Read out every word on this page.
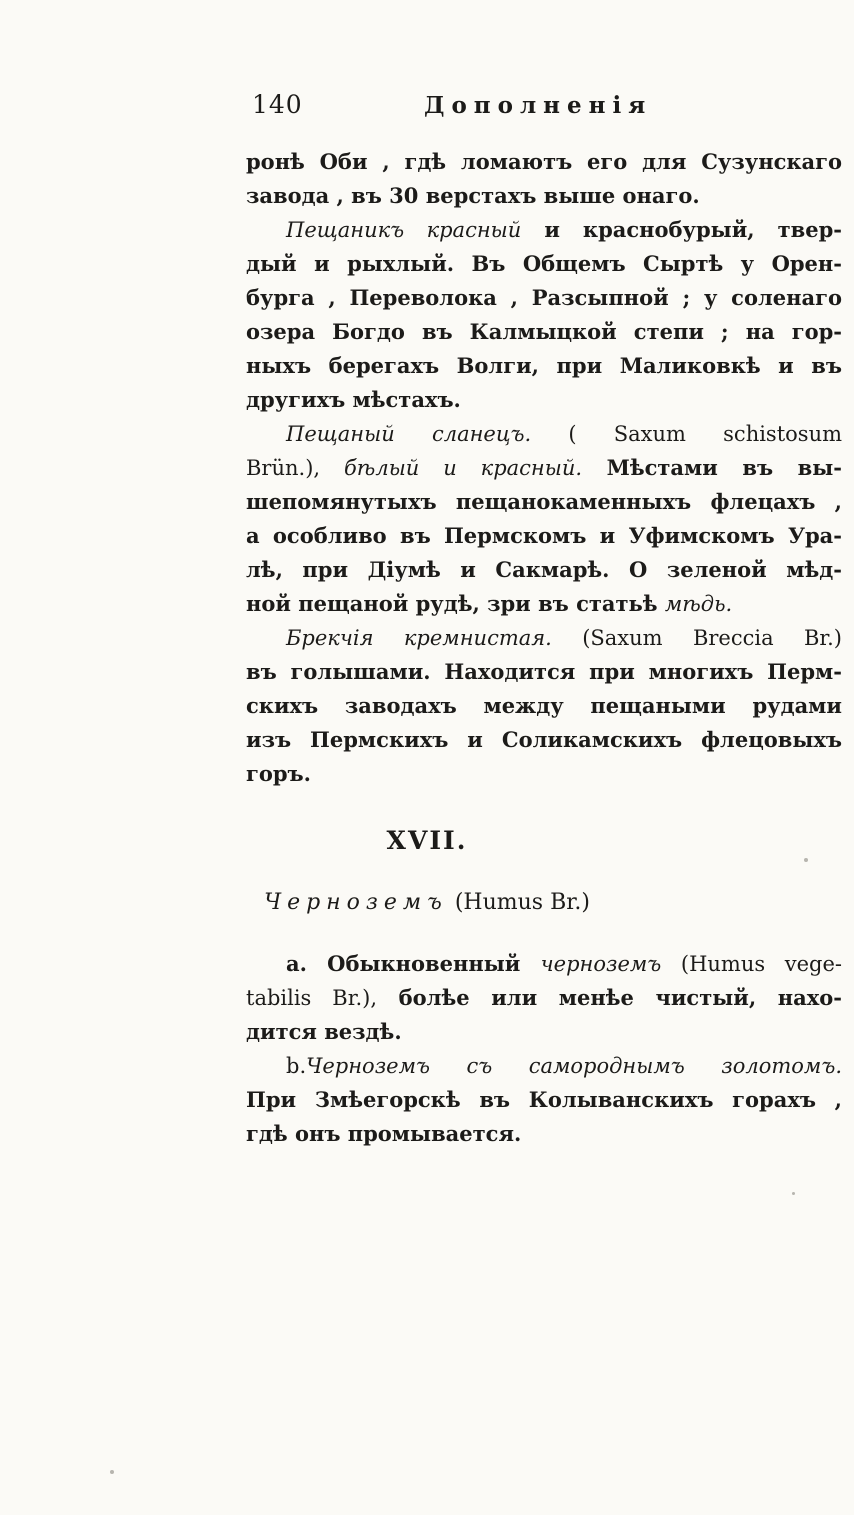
140	Дополненія
ронѣ Оби , гдѣ ломаютъ его для Сузунскаго
завода , въ 30 верстахъ выше онаго.
Пещаникъ красный и краснобурый, твер-
дый и рыхлый. Въ Общемъ Сыртѣ у Орен-
бурга , Переволока , Разсыпной ; у соленаго
озера Богдо въ Калмыцкой степи ; на гор-
ныхъ берегахъ Волги, при Маликовкѣ и въ
другихъ мѣстахъ.
Пещаный сланецъ. ( Saxum schistosum
Brün.), бѣлый и красный. Мѣстами въ вы-
шепомянутыхъ пещанокаменныхъ флецахъ ,
а особливо въ Пермскомъ и Уфимскомъ Ура-
лѣ, при Діумѣ и Сакмарѣ. О зеленой мѣд-
ной пещаной рудѣ, зри въ статьѣ мѣдь.
Брекчія кремнистая. (Saxum Breccia Br.)
въ голышами. Находится при многихъ Перм-
скихъ заводахъ между пещаными рудами
изъ Пермскихъ и Соликамскихъ флецовыхъ
горъ.
XVII.
Черноземъ (Humus Br.)
a. Обыкновенный черноземъ (Humus vege-
tabilis Br.), болѣе или менѣе чистый, нахо-
дится вездѣ.
b.Черноземъ съ самороднымъ золотомъ.
При Змѣегорскѣ въ Колыванскихъ горахъ ,
гдѣ онъ промывается.
